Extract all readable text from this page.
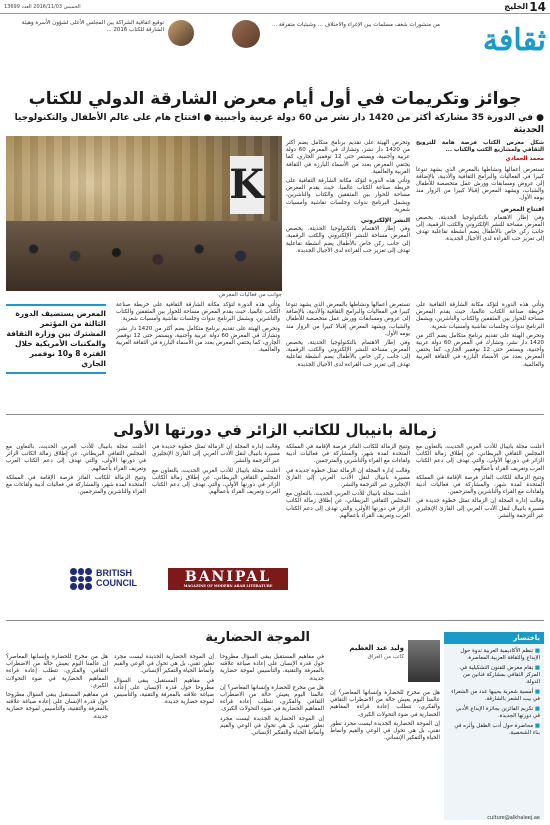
14
الخليج
الخميس 2016/11/03 العدد 13699
ثقافة
من منشورات شغف مسلمات بين الإغراء والاختلاف ... وشيئيات متفرقة ...
توقيع اتفاقية الشراكة بين المجلس الأعلى لشؤون الأسرة وهيئة الشارقة للكتاب 2016 ...
جوائز وتكريمات في أول أيام معرض الشارقة الدولي للكتاب
● في الدورة 35 مشاركة أكثر من 1420 دار نشر من 60 دولة عربية وأجنبية ● افتتاح هام على عالم الأطفال والتكنولوجيا الحديثة
K
جوانب من فعاليات المعرض

شكل معرض الكتاب فرصة هامة للترويج الثقافي ولمشاريع الكتب والكتاب ...

محمد الحمادي

تستعرض أعمالها ونشاطها بالمعرض الذي يشهد تنوعا كبيرا في الفعاليات والبرامج الثقافية والأدبية، بالإضافة إلى عروض ومسابقات وورش عمل متخصصة للأطفال والشباب، ويشهد المعرض إقبالا كبيرا من الزوار منذ يومه الأول.

افتتاح المعرض

وفي إطار الاهتمام بالتكنولوجيا الحديثة، يخصص المعرض مساحة للنشر الإلكتروني والكتب الرقمية، إلى جانب ركن خاص بالأطفال يضم أنشطة تفاعلية تهدف إلى تعزيز حب القراءة لدى الأجيال الجديدة.

وتحرص الهيئة على تقديم برنامج متكامل يضم أكثر من 1420 دار نشر، وتشارك في المعرض 60 دولة عربية وأجنبية، ويستمر حتى 12 نوفمبر الجاري، كما يحتفي المعرض بعدد من الأسماء البارزة في الثقافة العربية والعالمية.

وتأتي هذه الدورة لتؤكد مكانة الشارقة الثقافية على خريطة صناعة الكتاب عالميا، حيث يقدم المعرض مساحة للحوار بين المثقفين والكتاب والناشرين، ويشمل البرنامج ندوات وجلسات نقاشية وأمسيات شعرية.

النشر الإلكتروني

وفي إطار الاهتمام بالتكنولوجيا الحديثة، يخصص المعرض مساحة للنشر الإلكتروني والكتب الرقمية، إلى جانب ركن خاص بالأطفال يضم أنشطة تفاعلية تهدف إلى تعزيز حب القراءة لدى الأجيال الجديدة.

وتأتي هذه الدورة لتؤكد مكانة الشارقة الثقافية على خريطة صناعة الكتاب عالميا، حيث يقدم المعرض مساحة للحوار بين المثقفين والكتاب والناشرين، ويشمل البرنامج ندوات وجلسات نقاشية وأمسيات شعرية.

وتحرص الهيئة على تقديم برنامج متكامل يضم أكثر من 1420 دار نشر، وتشارك في المعرض 60 دولة عربية وأجنبية، ويستمر حتى 12 نوفمبر الجاري، كما يحتفي المعرض بعدد من الأسماء البارزة في الثقافة العربية والعالمية.

تستعرض أعمالها ونشاطها بالمعرض الذي يشهد تنوعا كبيرا في الفعاليات والبرامج الثقافية والأدبية، بالإضافة إلى عروض ومسابقات وورش عمل متخصصة للأطفال والشباب، ويشهد المعرض إقبالا كبيرا من الزوار منذ يومه الأول.

وفي إطار الاهتمام بالتكنولوجيا الحديثة، يخصص المعرض مساحة للنشر الإلكتروني والكتب الرقمية، إلى جانب ركن خاص بالأطفال يضم أنشطة تفاعلية تهدف إلى تعزيز حب القراءة لدى الأجيال الجديدة.

وتأتي هذه الدورة لتؤكد مكانة الشارقة الثقافية على خريطة صناعة الكتاب عالميا، حيث يقدم المعرض مساحة للحوار بين المثقفين والكتاب والناشرين، ويشمل البرنامج ندوات وجلسات نقاشية وأمسيات شعرية.

وتحرص الهيئة على تقديم برنامج متكامل يضم أكثر من 1420 دار نشر، وتشارك في المعرض 60 دولة عربية وأجنبية، ويستمر حتى 12 نوفمبر الجاري، كما يحتفي المعرض بعدد من الأسماء البارزة في الثقافة العربية والعالمية.

المعرض يستضيف الدورة الثالثة من المؤتمر المشترك بين وزارة الثقافة والمكتبات الأمريكية خلال الفترة 8 و10 نوفمبر الجاري
زمالة بانيبال للكاتب الزائر في دورتها الأولى

أعلنت مجلة بانيبال للأدب العربي الحديث، بالتعاون مع المجلس الثقافي البريطاني، عن إطلاق زمالة الكاتب الزائر في دورتها الأولى، والتي تهدف إلى دعم الكتاب العرب وتعريف القراء بأعمالهم.

وتتيح الزمالة للكاتب الفائز فرصة الإقامة في المملكة المتحدة لمدة شهر، والمشاركة في فعاليات أدبية ولقاءات مع القراء والناشرين والمترجمين.

وقالت إدارة المجلة إن الزمالة تمثل خطوة جديدة في مسيرة بانيبال لنقل الأدب العربي إلى القارئ الإنجليزي عبر الترجمة والنشر.

وتتيح الزمالة للكاتب الفائز فرصة الإقامة في المملكة المتحدة لمدة شهر، والمشاركة في فعاليات أدبية ولقاءات مع القراء والناشرين والمترجمين.

وقالت إدارة المجلة إن الزمالة تمثل خطوة جديدة في مسيرة بانيبال لنقل الأدب العربي إلى القارئ الإنجليزي عبر الترجمة والنشر.

أعلنت مجلة بانيبال للأدب العربي الحديث، بالتعاون مع المجلس الثقافي البريطاني، عن إطلاق زمالة الكاتب الزائر في دورتها الأولى، والتي تهدف إلى دعم الكتاب العرب وتعريف القراء بأعمالهم.

وقالت إدارة المجلة إن الزمالة تمثل خطوة جديدة في مسيرة بانيبال لنقل الأدب العربي إلى القارئ الإنجليزي عبر الترجمة والنشر.

أعلنت مجلة بانيبال للأدب العربي الحديث، بالتعاون مع المجلس الثقافي البريطاني، عن إطلاق زمالة الكاتب الزائر في دورتها الأولى، والتي تهدف إلى دعم الكتاب العرب وتعريف القراء بأعمالهم.

أعلنت مجلة بانيبال للأدب العربي الحديث، بالتعاون مع المجلس الثقافي البريطاني، عن إطلاق زمالة الكاتب الزائر في دورتها الأولى، والتي تهدف إلى دعم الكتاب العرب وتعريف القراء بأعمالهم.

وتتيح الزمالة للكاتب الفائز فرصة الإقامة في المملكة المتحدة لمدة شهر، والمشاركة في فعاليات أدبية ولقاءات مع القراء والناشرين والمترجمين.

BANIPAL
MAGAZINE OF MODERN ARAB LITERATURE
BRITISH
COUNCIL
الموجة الحضارية
وليد عبد العظيم
كاتب من العراق

هل من مخرج للحضارة وإنسانها المعاصر؟ إن عالمنا اليوم يعيش حالة من الاضطراب الثقافي والفكري، تتطلب إعادة قراءة المفاهيم الحضارية في ضوء التحولات الكبرى.

إن الموجة الحضارية الجديدة ليست مجرد تطور تقني، بل هي تحول في الوعي والقيم وأنماط الحياة والتفكير الإنساني.

في مفاهيم المستقبل يبقى السؤال مطروحا حول قدرة الإنسان على إعادة صياغة علاقته بالمعرفة والتقنية، والتأسيس لموجة حضارية جديدة.

هل من مخرج للحضارة وإنسانها المعاصر؟ إن عالمنا اليوم يعيش حالة من الاضطراب الثقافي والفكري، تتطلب إعادة قراءة المفاهيم الحضارية في ضوء التحولات الكبرى.

إن الموجة الحضارية الجديدة ليست مجرد تطور تقني، بل هي تحول في الوعي والقيم وأنماط الحياة والتفكير الإنساني.

إن الموجة الحضارية الجديدة ليست مجرد تطور تقني، بل هي تحول في الوعي والقيم وأنماط الحياة والتفكير الإنساني.

في مفاهيم المستقبل يبقى السؤال مطروحا حول قدرة الإنسان على إعادة صياغة علاقته بالمعرفة والتقنية، والتأسيس لموجة حضارية جديدة.

هل من مخرج للحضارة وإنسانها المعاصر؟ إن عالمنا اليوم يعيش حالة من الاضطراب الثقافي والفكري، تتطلب إعادة قراءة المفاهيم الحضارية في ضوء التحولات الكبرى.

في مفاهيم المستقبل يبقى السؤال مطروحا حول قدرة الإنسان على إعادة صياغة علاقته بالمعرفة والتقنية، والتأسيس لموجة حضارية جديدة.

■ تنظم الأكاديمية العربية ندوة حول الإبداع والثقافة العربية المعاصرة.

■ يقام معرض للفنون التشكيلية في المركز الثقافي بمشاركة فنانين من الدولة.

■ أمسية شعرية يحييها عدد من الشعراء في بيت الشعر بالشارقة.

■ تكريم الفائزين بجائزة الإبداع الأدبي في دورتها الجديدة.

■ محاضرة حول أدب الطفل وأثره في بناء الشخصية.

باختصار
culture@alkhaleej.ae
